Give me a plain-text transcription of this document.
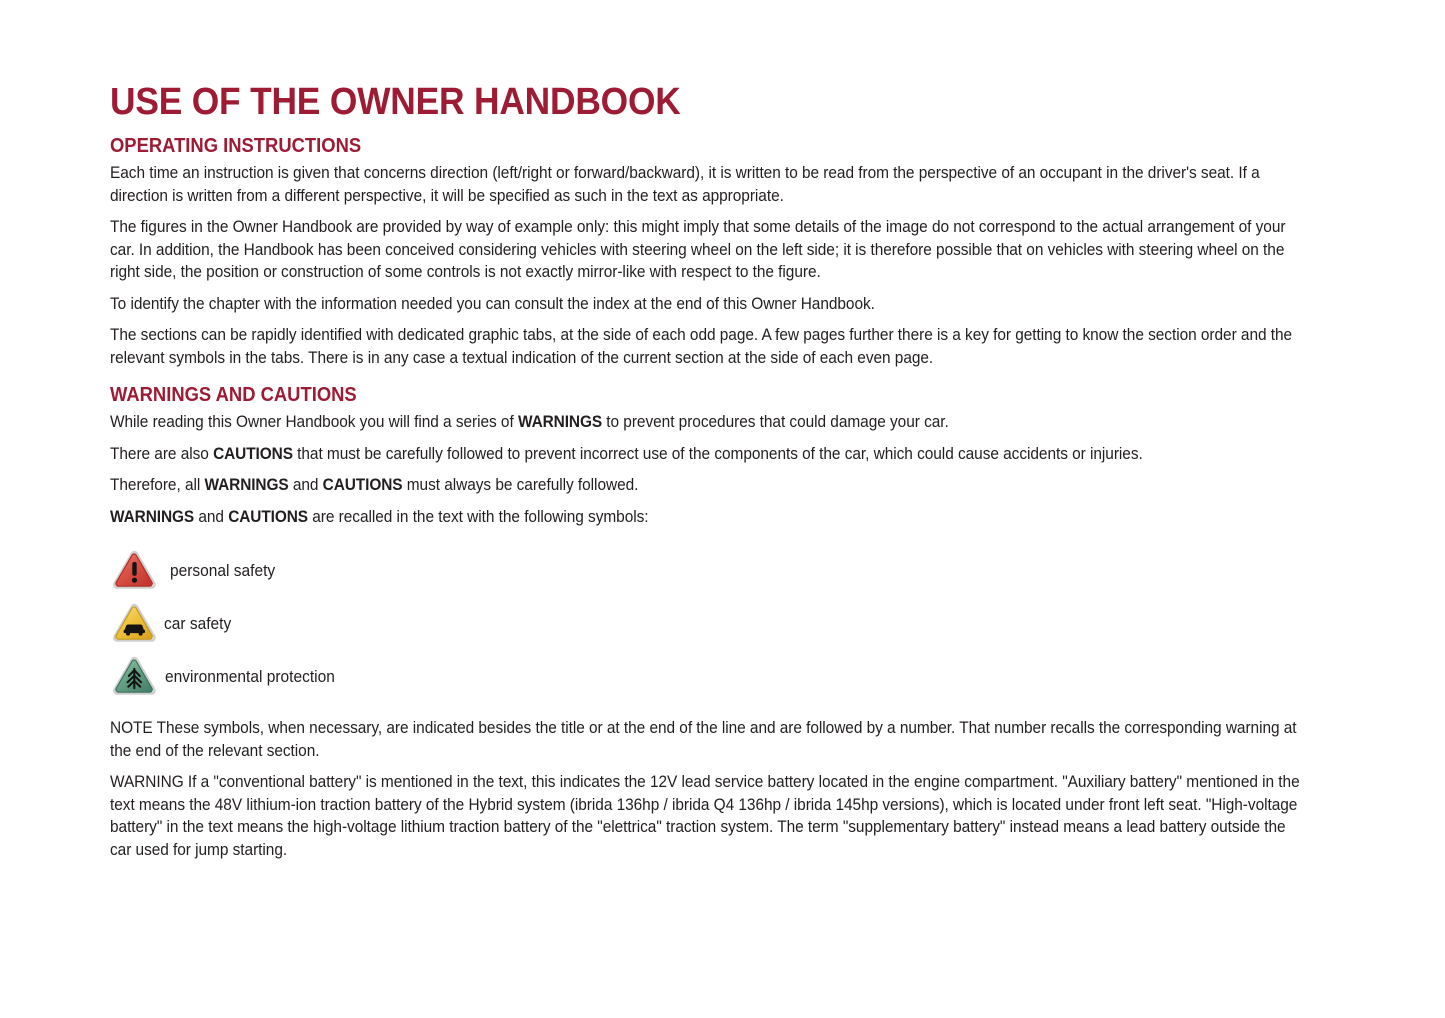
USE OF THE OWNER HANDBOOK
OPERATING INSTRUCTIONS

Each time an instruction is given that concerns direction (left/right or forward/backward), it is written to be read from the perspective of an occupant in the driver's seat. If a direction is written from a different perspective, it will be specified as such in the text as appropriate.

The figures in the Owner Handbook are provided by way of example only: this might imply that some details of the image do not correspond to the actual arrangement of your car. In addition, the Handbook has been conceived considering vehicles with steering wheel on the left side; it is therefore possible that on vehicles with steering wheel on the right side, the position or construction of some controls is not exactly mirror-like with respect to the figure.

To identify the chapter with the information needed you can consult the index at the end of this Owner Handbook.

The sections can be rapidly identified with dedicated graphic tabs, at the side of each odd page. A few pages further there is a key for getting to know the section order and the relevant symbols in the tabs. There is in any case a textual indication of the current section at the side of each even page.

WARNINGS AND CAUTIONS

While reading this Owner Handbook you will find a series of WARNINGS to prevent procedures that could damage your car.

There are also CAUTIONS that must be carefully followed to prevent incorrect use of the components of the car, which could cause accidents or injuries.

Therefore, all WARNINGS and CAUTIONS must always be carefully followed.

WARNINGS and CAUTIONS are recalled in the text with the following symbols:

personal safety
car safety
environmental protection

NOTE These symbols, when necessary, are indicated besides the title or at the end of the line and are followed by a number. That number recalls the corresponding warning at the end of the relevant section.

WARNING If a "conventional battery" is mentioned in the text, this indicates the 12V lead service battery located in the engine compartment. "Auxiliary battery" mentioned in the text means the 48V lithium-ion traction battery of the Hybrid system (ibrida 136hp / ibrida Q4 136hp / ibrida 145hp versions), which is located under front left seat. "High-voltage battery" in the text means the high-voltage lithium traction battery of the "elettrica" traction system. The term "supplementary battery" instead means a lead battery outside the car used for jump starting.
